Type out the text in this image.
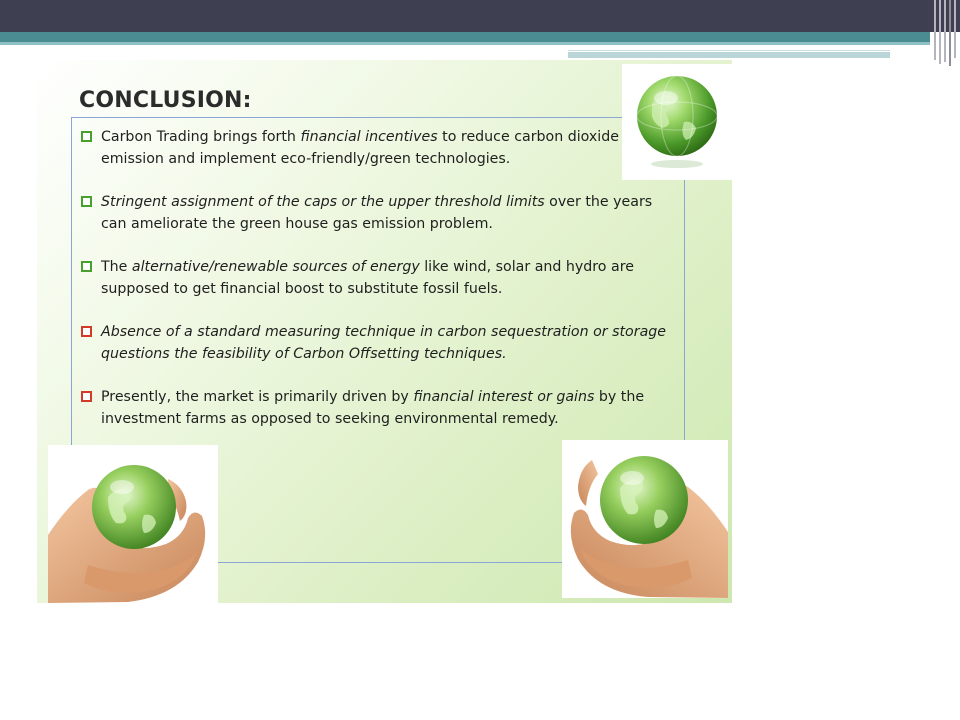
CONCLUSION:
Carbon Trading brings forth financial incentives to reduce carbon dioxide emission and implement eco-friendly/green technologies.
Stringent assignment of the caps or the upper threshold limits over the years can ameliorate the green house gas emission problem.
The alternative/renewable sources of energy like wind, solar and hydro are supposed to get financial boost to substitute fossil fuels.
Absence of a standard measuring technique in carbon sequestration or storage questions the feasibility of Carbon Offsetting techniques.
Presently, the market is primarily driven by financial interest or gains by the investment farms as opposed to seeking environmental remedy.
